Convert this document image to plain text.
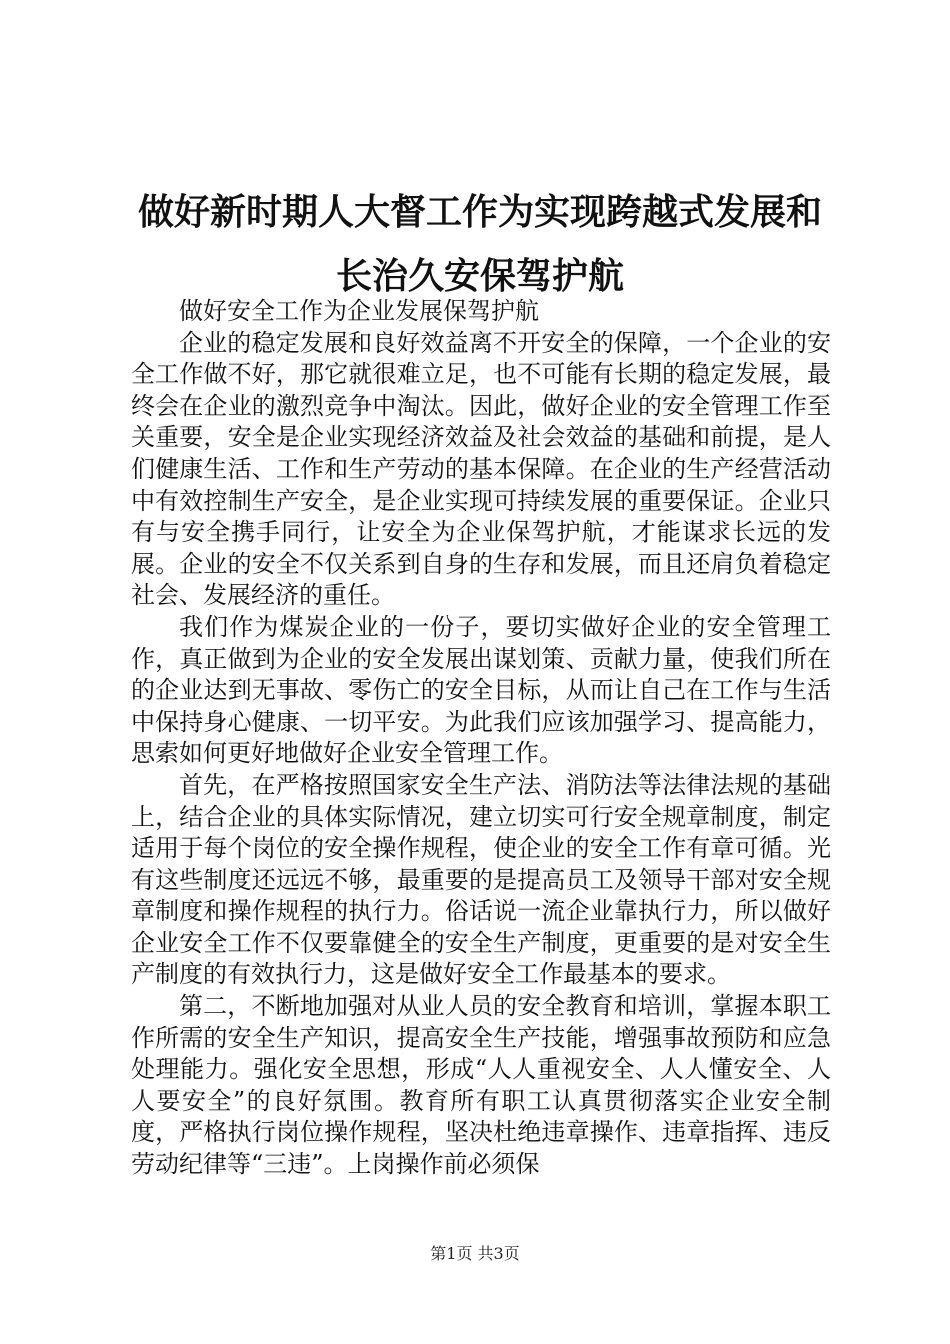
做好新时期人大督工作为实现跨越式发展和长治久安保驾护航

做好安全工作为企业发展保驾护航

企业的稳定发展和良好效益离不开安全的保障，一个企业的安全工作做不好，那它就很难立足，也不可能有长期的稳定发展，最终会在企业的激烈竞争中淘汰。因此，做好企业的安全管理工作至关重要，安全是企业实现经济效益及社会效益的基础和前提，是人们健康生活、工作和生产劳动的基本保障。在企业的生产经营活动中有效控制生产安全，是企业实现可持续发展的重要保证。企业只有与安全携手同行，让安全为企业保驾护航，才能谋求长远的发展。企业的安全不仅关系到自身的生存和发展，而且还肩负着稳定社会、发展经济的重任。

我们作为煤炭企业的一份子，要切实做好企业的安全管理工作，真正做到为企业的安全发展出谋划策、贡献力量，使我们所在的企业达到无事故、零伤亡的安全目标，从而让自己在工作与生活中保持身心健康、一切平安。为此我们应该加强学习、提高能力，思索如何更好地做好企业安全管理工作。

首先，在严格按照国家安全生产法、消防法等法律法规的基础上，结合企业的具体实际情况，建立切实可行安全规章制度，制定适用于每个岗位的安全操作规程，使企业的安全工作有章可循。光有这些制度还远远不够，最重要的是提高员工及领导干部对安全规章制度和操作规程的执行力。俗话说一流企业靠执行力，所以做好企业安全工作不仅要靠健全的安全生产制度，更重要的是对安全生产制度的有效执行力，这是做好安全工作最基本的要求。

第二，不断地加强对从业人员的安全教育和培训，掌握本职工作所需的安全生产知识，提高安全生产技能，增强事故预防和应急处理能力。强化安全思想，形成“人人重视安全、人人懂安全、人人要安全”的良好氛围。教育所有职工认真贯彻落实企业安全制度，严格执行岗位操作规程，坚决杜绝违章操作、违章指挥、违反劳动纪律等“三违”。上岗操作前必须保

第1页 共3页
